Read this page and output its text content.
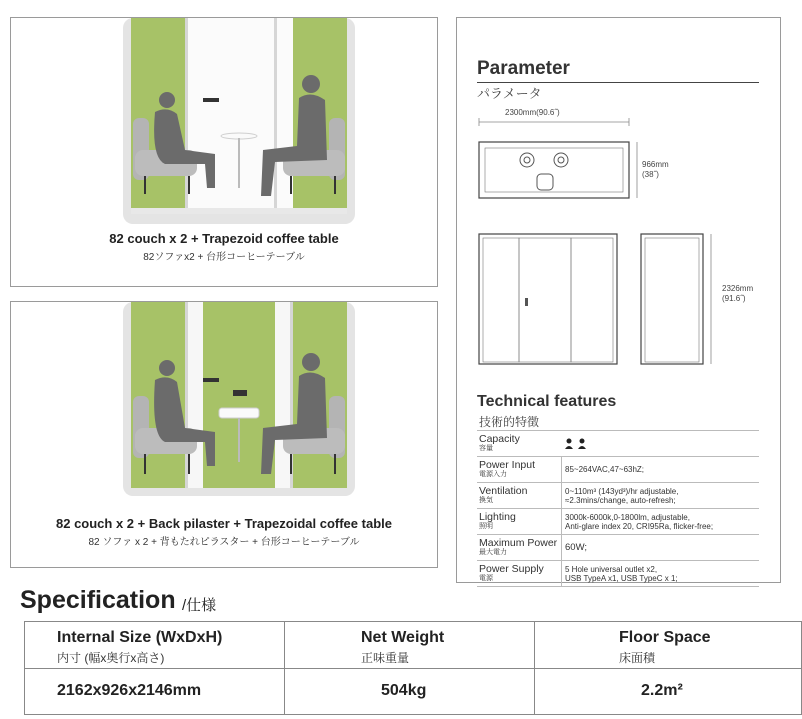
82 couch x 2 + Trapezoid coffee table
82ソファx2 + 台形コーヒーテーブル
82 couch x 2 + Back pilaster + Trapezoidal coffee table
82 ソファ x 2 + 背もたれピラスター + 台形コーヒーテーブル
Parameter
パラメータ
2300mm(90.6˝)
966mm
(38˝)
2326mm
(91.6˝)
Technical features
技術的特徴
Capacity
容量
Power Input
電源入力
85~264VAC,47~63hZ;
Ventilation
換気
0~110m³ (143yd³)/hr adjustable,
≈2.3mins/change, auto-refresh;
Lighting
照明
3000k-6000k,0-1800lm, adjustable,
Anti-glare index 20, CRI95Ra, flicker-free;
Maximum Power
最大電力	60W;
Power Supply
電源
5 Hole universal outlet x2,
USB TypeA x1, USB TypeC x 1;
Specification /仕様
Internal Size (WxDxH)
内寸 (幅x奥行x高さ)
2162x926x2146mm
Net Weight
正味重量
504kg
Floor Space
床面積
2.2m²
